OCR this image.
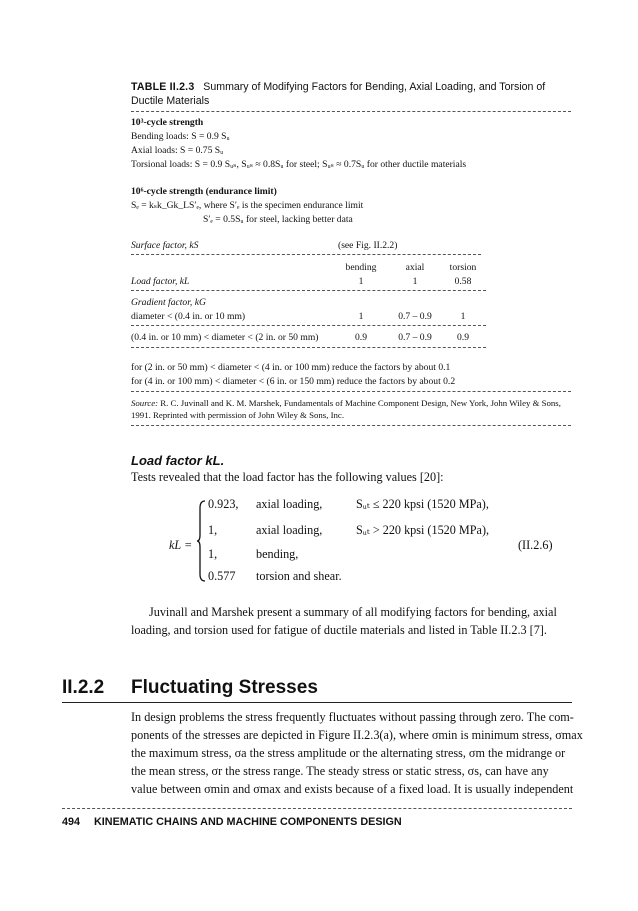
TABLE II.2.3 Summary of Modifying Factors for Bending, Axial Loading, and Torsion of Ductile Materials
10³-cycle strength
Bending loads: S = 0.9 Sᵤ
Axial loads: S = 0.75 Sᵤ
Torsional loads: S = 0.9 Sᵤₛ, Sᵤₛ ≈ 0.8Sᵤ for steel; Sᵤₛ ≈ 0.7Sᵤ for other ductile materials
10⁶-cycle strength (endurance limit)
Sₑ = kₛk_Gk_LS′ₑ, where S′ₑ is the specimen endurance limit
S′ₑ = 0.5Sᵤ for steel, lacking better data
Surface factor, kS	(see Fig. II.2.2)
bending	axial	torsion
Load factor, kL	1	1	0.58
Gradient factor, kG
diameter < (0.4 in. or 10 mm)	1	0.7 – 0.9	1
(0.4 in. or 10 mm) < diameter < (2 in. or 50 mm)	0.9	0.7 – 0.9	0.9
for (2 in. or 50 mm) < diameter < (4 in. or 100 mm) reduce the factors by about 0.1
for (4 in. or 100 mm) < diameter < (6 in. or 150 mm) reduce the factors by about 0.2
Source: R. C. Juvinall and K. M. Marshek, Fundamentals of Machine Component Design, New York, John Wiley & Sons, 1991. Reprinted with permission of John Wiley & Sons, Inc.
Load factor kL.
Tests revealed that the load factor has the following values [20]:
kL =
0.923, axial loading,	Sᵤₜ ≤ 220 kpsi (1520 MPa),
1,	axial loading,	Sᵤₜ > 220 kpsi (1520 MPa),
1,	bending,
0.577 torsion and shear.
(II.2.6)
Juvinall and Marshek present a summary of all modifying factors for bending, axial loading, and torsion used for fatigue of ductile materials and listed in Table II.2.3 [7].
II.2.2 Fluctuating Stresses
In design problems the stress frequently fluctuates without passing through zero. The com-
ponents of the stresses are depicted in Figure II.2.3(a), where σmin is minimum stress, σmax
the maximum stress, σa the stress amplitude or the alternating stress, σm the midrange or
the mean stress, σr the stress range. The steady stress or static stress, σs, can have any
value between σmin and σmax and exists because of a fixed load. It is usually independent
494 KINEMATIC CHAINS AND MACHINE COMPONENTS DESIGN
